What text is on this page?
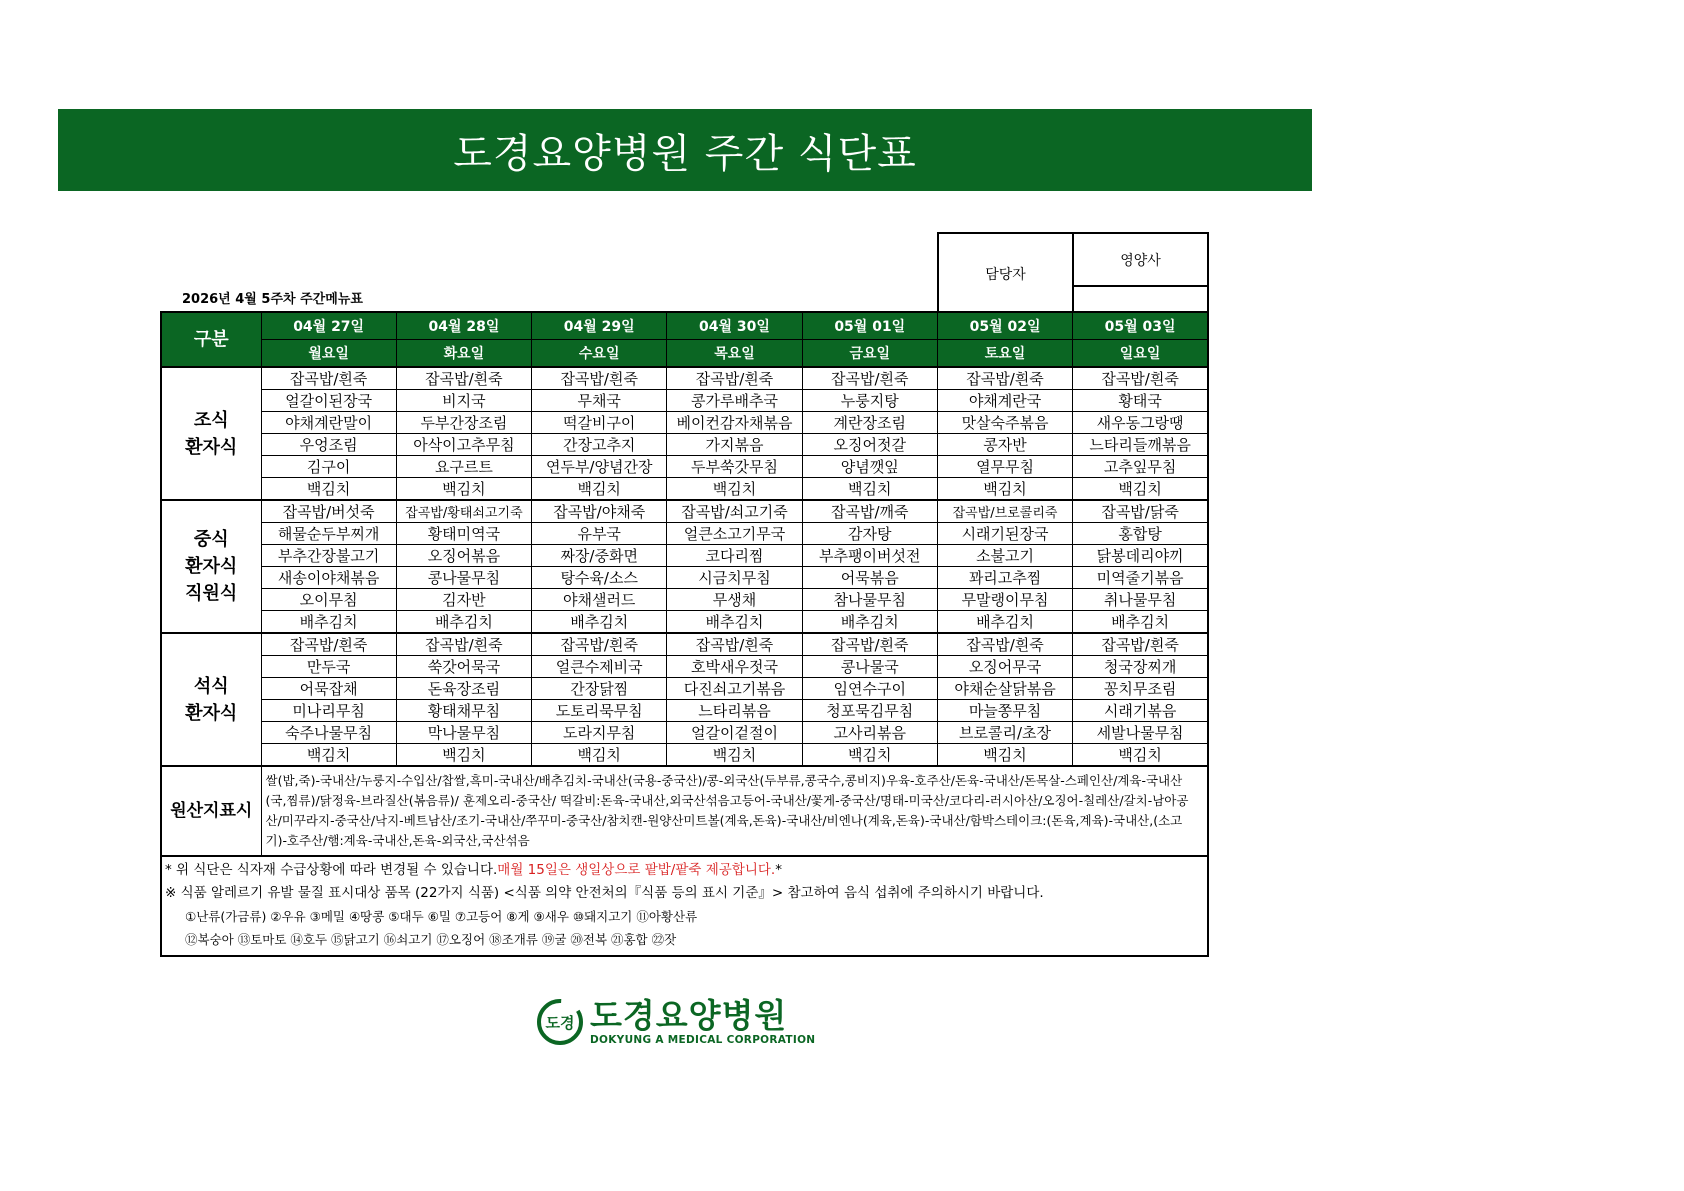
도경요양병원 주간 식단표
담당자	영양사

2026년 4월 5주차 주간메뉴표
구분	04월 27일	04월 28일	04월 29일	04월 30일	05월 01일	05월 02일	05월 03일
	월요일	화요일	수요일	목요일	금요일	토요일	일요일

조식
환자식	잡곡밥/흰죽	잡곡밥/흰죽	잡곡밥/흰죽	잡곡밥/흰죽	잡곡밥/흰죽	잡곡밥/흰죽	잡곡밥/흰죽
	얼갈이된장국	비지국	무채국	콩가루배추국	누룽지탕	야채계란국	황태국
	야채계란말이	두부간장조림	떡갈비구이	베이컨감자채볶음	계란장조림	맛살숙주볶음	새우동그랑땡
	우엉조림	아삭이고추무침	간장고추지	가지볶음	오징어젓갈	콩자반	느타리들깨볶음
	김구이	요구르트	연두부/양념간장	두부쑥갓무침	양념깻잎	열무무침	고추잎무침
	백김치	백김치	백김치	백김치	백김치	백김치	백김치

중식
환자식
직원식	잡곡밥/버섯죽	잡곡밥/황태쇠고기죽	잡곡밥/야채죽	잡곡밥/쇠고기죽	잡곡밥/깨죽	잡곡밥/브로콜리죽	잡곡밥/닭죽
	해물순두부찌개	황태미역국	유부국	얼큰소고기무국	감자탕	시래기된장국	홍합탕
	부추간장불고기	오징어볶음	짜장/중화면	코다리찜	부추팽이버섯전	소불고기	닭봉데리야끼
	새송이야채볶음	콩나물무침	탕수육/소스	시금치무침	어묵볶음	꽈리고추찜	미역줄기볶음
	오이무침	김자반	야채샐러드	무생채	참나물무침	무말랭이무침	취나물무침
	배추김치	배추김치	배추김치	배추김치	배추김치	배추김치	배추김치

석식
환자식	잡곡밥/흰죽	잡곡밥/흰죽	잡곡밥/흰죽	잡곡밥/흰죽	잡곡밥/흰죽	잡곡밥/흰죽	잡곡밥/흰죽
	만두국	쑥갓어묵국	얼큰수제비국	호박새우젓국	콩나물국	오징어무국	청국장찌개
	어묵잡채	돈육장조림	간장닭찜	다진쇠고기볶음	임연수구이	야채순살닭볶음	꽁치무조림
	미나리무침	황태채무침	도토리묵무침	느타리볶음	청포묵김무침	마늘쫑무침	시래기볶음
	숙주나물무침	막나물무침	도라지무침	얼갈이겉절이	고사리볶음	브로콜리/초장	세발나물무침
	백김치	백김치	백김치	백김치	백김치	백김치	백김치
원산지표시	쌀(밥,죽)-국내산/누룽지-수입산/찹쌀,흑미-국내산/배추김치-국내산(국용-중국산)/콩-외국산(두부류,콩국수,콩비지)우육-호주산/돈육-국내산/돈목살-스페인산/계육-국내산(국,찜류)/닭정육-브라질산(볶음류)/ 훈제오리-중국산/ 떡갈비:돈육-국내산,외국산섞음고등어-국내산/꽃게-중국산/명태-미국산/코다리-러시아산/오징어-칠레산/갈치-남아공산/미꾸라지-중국산/낙지-베트남산/조기-국내산/쭈꾸미-중국산/참치캔-원양산미트볼(계육,돈육)-국내산/비엔나(계육,돈육)-국내산/함박스테이크:(돈육,계육)-국내산,(소고기)-호주산/햄:계육-국내산,돈육-외국산,국산섞음						

* 위 식단은 식자재 수급상황에 따라 변경될 수 있습니다.매월 15일은 생일상으로 팥밥/팥죽 제공합니다.*
※ 식품 알레르기 유발 물질 표시대상 품목 (22가지 식품) <식품 의약 안전처의『식품 등의 표시 기준』> 참고하여 음식 섭취에 주의하시기 바랍니다.
①난류(가금류) ②우유 ③메밀 ④땅콩 ⑤대두 ⑥밀 ⑦고등어 ⑧게 ⑨새우 ⑩돼지고기 ⑪아황산류
⑫복숭아 ⑬토마토 ⑭호두 ⑮닭고기 ⑯쇠고기 ⑰오징어 ⑱조개류 ⑲굴 ⑳전복 ㉑홍합 ㉒잣							
도경 도경요양병원
DOKYUNG A MEDICAL CORPORATION
